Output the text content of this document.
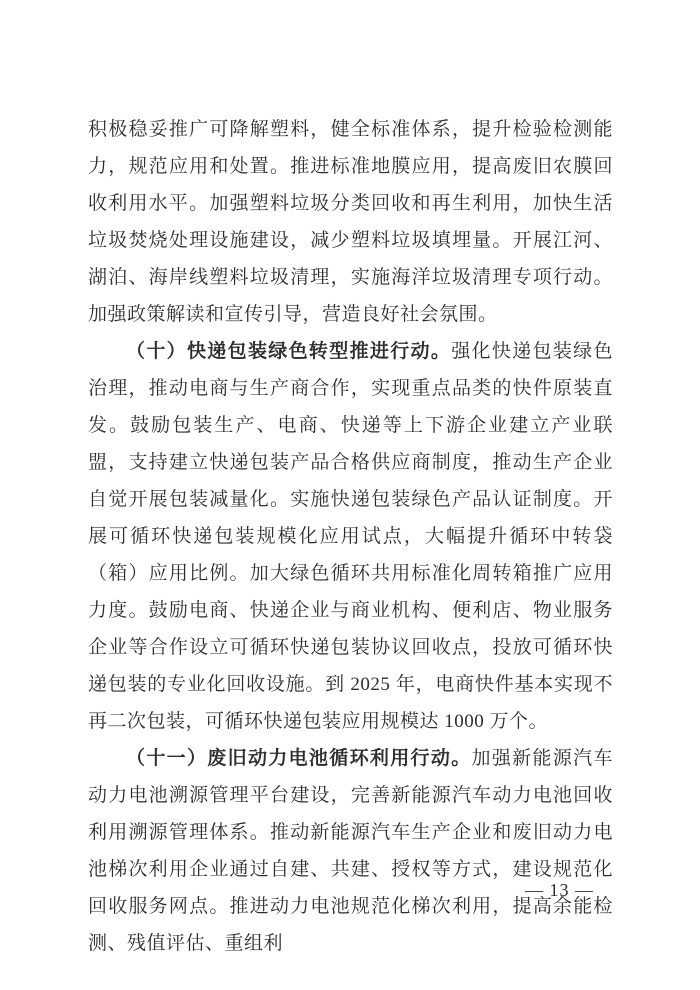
积极稳妥推广可降解塑料，健全标准体系，提升检验检测能力，规范应用和处置。推进标准地膜应用，提高废旧农膜回收利用水平。加强塑料垃圾分类回收和再生利用，加快生活垃圾焚烧处理设施建设，减少塑料垃圾填埋量。开展江河、湖泊、海岸线塑料垃圾清理，实施海洋垃圾清理专项行动。加强政策解读和宣传引导，营造良好社会氛围。

（十）快递包装绿色转型推进行动。强化快递包装绿色治理，推动电商与生产商合作，实现重点品类的快件原装直发。鼓励包装生产、电商、快递等上下游企业建立产业联盟，支持建立快递包装产品合格供应商制度，推动生产企业自觉开展包装减量化。实施快递包装绿色产品认证制度。开展可循环快递包装规模化应用试点，大幅提升循环中转袋（箱）应用比例。加大绿色循环共用标准化周转箱推广应用力度。鼓励电商、快递企业与商业机构、便利店、物业服务企业等合作设立可循环快递包装协议回收点，投放可循环快递包装的专业化回收设施。到 2025 年，电商快件基本实现不再二次包装，可循环快递包装应用规模达 1000 万个。

（十一）废旧动力电池循环利用行动。加强新能源汽车动力电池溯源管理平台建设，完善新能源汽车动力电池回收利用溯源管理体系。推动新能源汽车生产企业和废旧动力电池梯次利用企业通过自建、共建、授权等方式，建设规范化回收服务网点。推进动力电池规范化梯次利用，提高余能检测、残值评估、重组利

— 13 —
